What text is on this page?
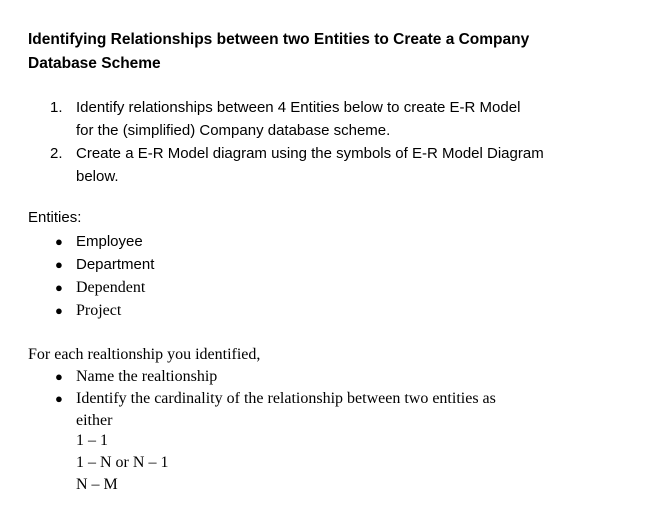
Identifying Relationships between two Entities to Create a Company
Database Scheme
1. Identify relationships between 4 Entities below to create E-R Model
for the (simplified) Company database scheme.
2. Create a E-R Model diagram using the symbols of E-R Model Diagram
below.
Entities:
● Employee
● Department
● Dependent
● Project
For each realtionship you identified,
● Name the realtionship
● Identify the cardinality of the relationship between two entities as
either
1 – 1
1 – N or N – 1
N – M
